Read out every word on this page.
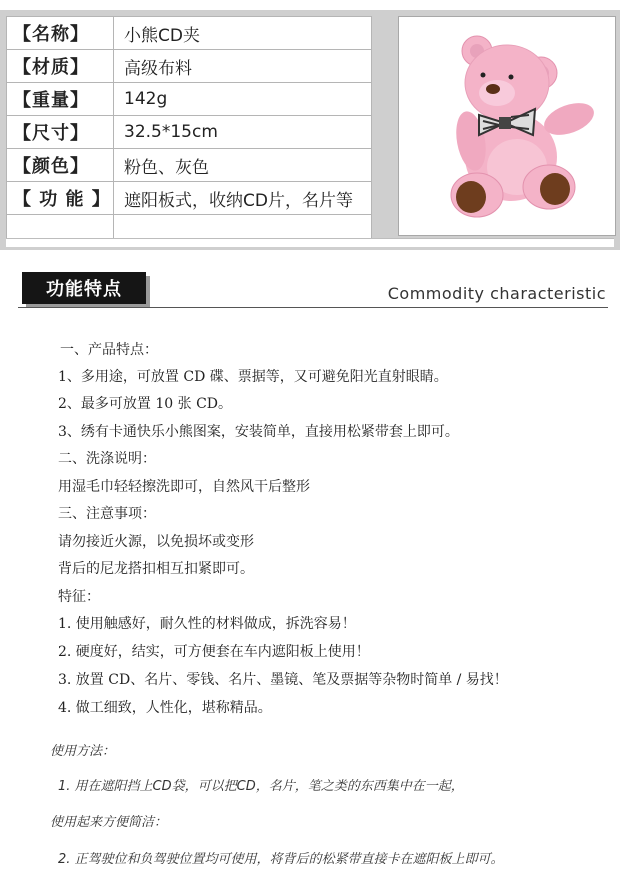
【名称】	小熊CD夹
【材质】	高级布料
【重量】	142g
【尺寸】	32.5*15cm
【颜色】	粉色、灰色
【 功 能 】	遮阳板式，收纳CD片，名片等

功能特点	Commodity characteristic
一、产品特点：
1、多用途，可放置 CD 碟、票据等，又可避免阳光直射眼睛。
2、最多可放置 10 张 CD。
3、绣有卡通快乐小熊图案，安装简单，直接用松紧带套上即可。
二、洗涤说明：
用湿毛巾轻轻擦洗即可，自然风干后整形
三、注意事项：
请勿接近火源，以免损坏或变形
背后的尼龙搭扣相互扣紧即可。
特征：
1. 使用触感好，耐久性的材料做成，拆洗容易！
2. 硬度好，结实，可方便套在车内遮阳板上使用！
3. 放置 CD、名片、零钱、名片、墨镜、笔及票据等杂物时简单 / 易找！
4. 做工细致，人性化，堪称精品。
使用方法：
1. 用在遮阳挡上CD袋，可以把CD，名片，笔之类的东西集中在一起，
使用起来方便简洁：
2. 正驾驶位和负驾驶位置均可使用，将背后的松紧带直接卡在遮阳板上即可。
